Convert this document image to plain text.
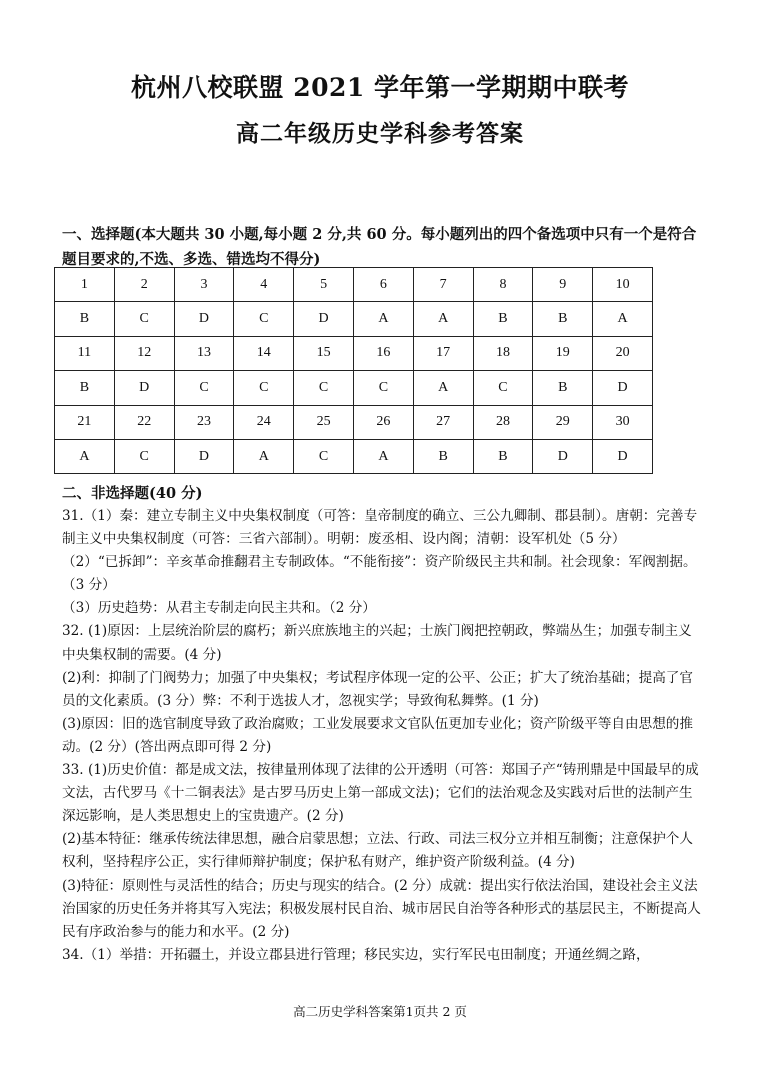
杭州八校联盟 2021 学年第一学期期中联考
高二年级历史学科参考答案
一、选择题(本大题共 30 小题,每小题 2 分,共 60 分。每小题列出的四个备选项中只有一个是符合题目要求的,不选、多选、错选均不得分)
1	2	3	4	5	6	7	8	9	10
B	C	D	C	D	A	A	B	B	A
11	12	13	14	15	16	17	18	19	20
B	D	C	C	C	C	A	C	B	D
21	22	23	24	25	26	27	28	29	30
A	C	D	A	C	A	B	B	D	D
二、非选择题(40 分)

31.（1）秦：建立专制主义中央集权制度（可答：皇帝制度的确立、三公九卿制、郡县制）。唐朝：完善专制主义中央集权制度（可答：三省六部制）。明朝：废丞相、设内阁；清朝：设军机处（5 分）

（2）“已拆卸”：辛亥革命推翻君主专制政体。“不能衔接”：资产阶级民主共和制。社会现象：军阀割据。（3 分）

（3）历史趋势：从君主专制走向民主共和。（2 分）

32. (1)原因：上层统治阶层的腐朽；新兴庶族地主的兴起；士族门阀把控朝政，弊端丛生；加强专制主义中央集权制的需要。(4 分)

(2)利：抑制了门阀势力；加强了中央集权；考试程序体现一定的公平、公正；扩大了统治基础；提高了官员的文化素质。(3 分）弊：不利于选拔人才，忽视实学；导致徇私舞弊。(1 分)

(3)原因：旧的选官制度导致了政治腐败；工业发展要求文官队伍更加专业化；资产阶级平等自由思想的推动。(2 分）(答出两点即可得 2 分)

33. (1)历史价值：都是成文法，按律量刑体现了法律的公开透明（可答：郑国子产“铸刑鼎是中国最早的成文法，古代罗马《十二铜表法》是古罗马历史上第一部成文法)；它们的法治观念及实践对后世的法制产生深远影响，是人类思想史上的宝贵遗产。(2 分)

(2)基本特征：继承传统法律思想，融合启蒙思想；立法、行政、司法三权分立并相互制衡；注意保护个人权利，坚持程序公正，实行律师辩护制度；保护私有财产，维护资产阶级利益。(4 分)

(3)特征：原则性与灵活性的结合；历史与现实的结合。(2 分）成就：提出实行依法治国，建设社会主义法治国家的历史任务并将其写入宪法；积极发展村民自治、城市居民自治等各种形式的基层民主，不断提高人民有序政治参与的能力和水平。(2 分)

34.（1）举措：开拓疆土，并设立郡县进行管理；移民实边，实行军民屯田制度；开通丝绸之路，

高二历史学科答案第1页共 2 页
